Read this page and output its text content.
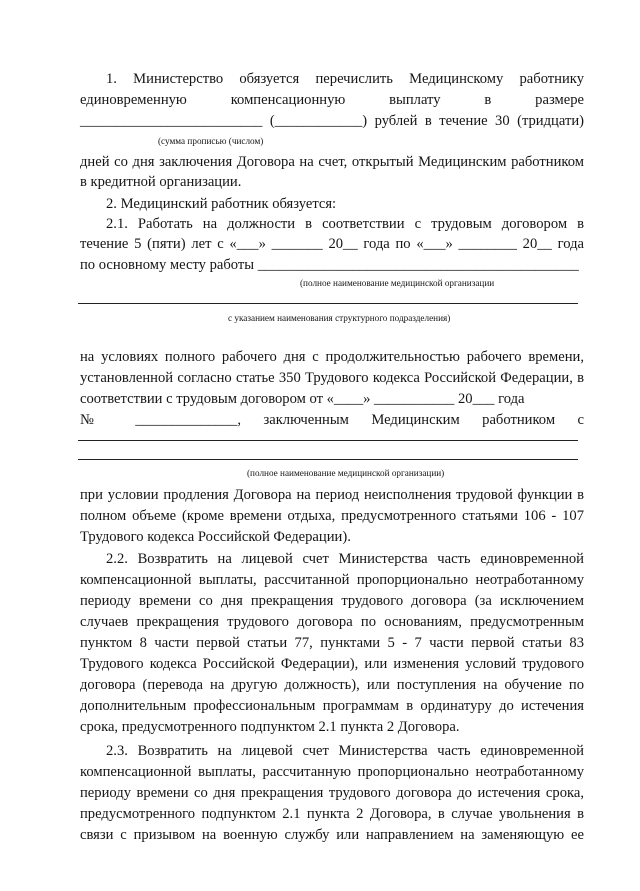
1. Министерство обязуется перечислить Медицинскому работнику
единовременную компенсационную выплату в размере
_________________________ (____________) рублей в течение 30 (тридцати)
(сумма прописью (числом)
дней со дня заключения Договора на счет, открытый Медицинским работником
в кредитной организации.
2. Медицинский работник обязуется:
2.1. Работать на должности в соответствии с трудовым договором в
течение 5 (пяти) лет с «___» _______ 20__ года по «___» ________ 20__ года
по основному месту работы ____________________________________________
(полное наименование медицинской организации
с указанием наименования структурного подразделения)
на условиях полного рабочего дня с продолжительностью рабочего времени,
установленной согласно статье 350 Трудового кодекса Российской Федерации, в
соответствии с трудовым договором от «____» ___________ 20___ года
№ ______________, заключенным Медицинским работником с
(полное наименование медицинской организации)
при условии продления Договора на период неисполнения трудовой функции в
полном объеме (кроме времени отдыха, предусмотренного статьями 106 - 107
Трудового кодекса Российской Федерации).
2.2. Возвратить на лицевой счет Министерства часть единовременной
компенсационной выплаты, рассчитанной пропорционально неотработанному
периоду времени со дня прекращения трудового договора (за исключением
случаев прекращения трудового договора по основаниям, предусмотренным
пунктом 8 части первой статьи 77, пунктами 5 - 7 части первой статьи 83
Трудового кодекса Российской Федерации), или изменения условий трудового
договора (перевода на другую должность), или поступления на обучение по
дополнительным профессиональным программам в ординатуру до истечения
срока, предусмотренного подпунктом 2.1 пункта 2 Договора.
2.3. Возвратить на лицевой счет Министерства часть единовременной
компенсационной выплаты, рассчитанную пропорционально неотработанному
периоду времени со дня прекращения трудового договора до истечения срока,
предусмотренного подпунктом 2.1 пункта 2 Договора, в случае увольнения в
связи с призывом на военную службу или направлением на заменяющую ее
